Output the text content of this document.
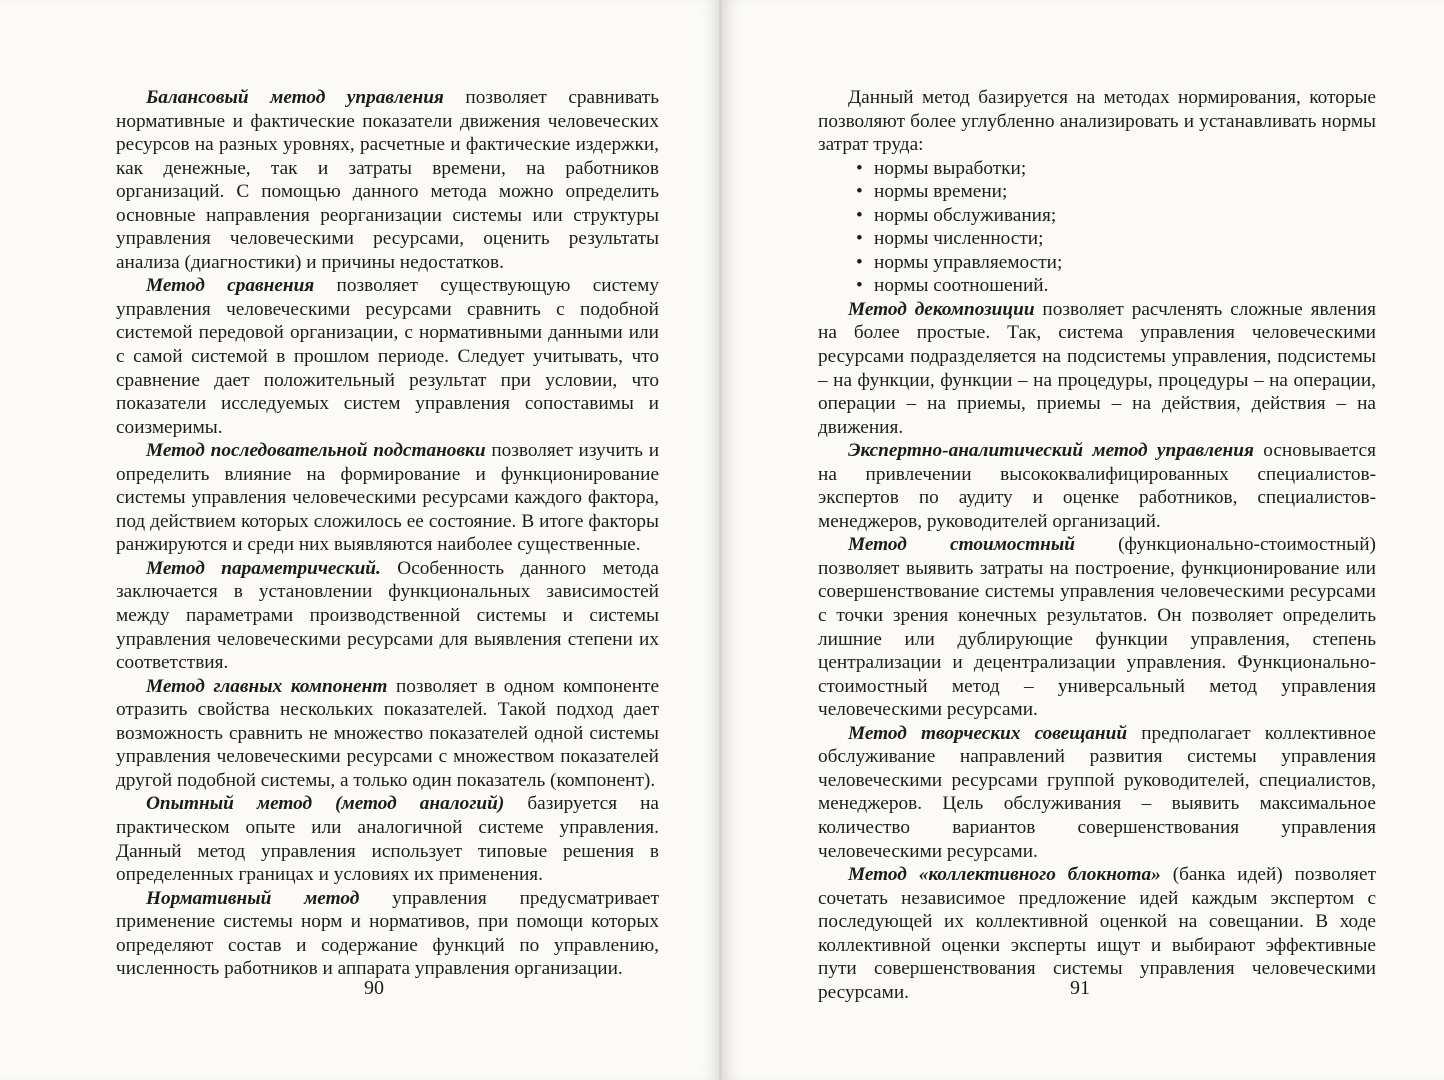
Балансовый метод управления позволяет сравнивать нормативные и фактические показатели движения человеческих ресурсов на разных уровнях, расчетные и фактические издержки, как денежные, так и затраты времени, на работников организаций. С помощью данного метода можно определить основные направления реорганизации системы или структуры управления человеческими ресурсами, оценить результаты анализа (диагностики) и причины недостатков.

Метод сравнения позволяет существующую систему управления человеческими ресурсами сравнить с подобной системой передовой организации, с нормативными данными или с самой системой в прошлом периоде. Следует учитывать, что сравнение дает положительный результат при условии, что показатели исследуемых систем управления сопоставимы и соизмеримы.

Метод последовательной подстановки позволяет изучить и определить влияние на формирование и функционирование системы управления человеческими ресурсами каждого фактора, под действием которых сложилось ее состояние. В итоге факторы ранжируются и среди них выявляются наиболее существенные.

Метод параметрический. Особенность данного метода заключается в установлении функциональных зависимостей между параметрами производственной системы и системы управления человеческими ресурсами для выявления степени их соответствия.

Метод главных компонент позволяет в одном компоненте отразить свойства нескольких показателей. Такой подход дает возможность сравнить не множество показателей одной системы управления человеческими ресурсами с множеством показателей другой подобной системы, а только один показатель (компонент).

Опытный метод (метод аналогий) базируется на практическом опыте или аналогичной системе управления. Данный метод управления использует типовые решения в определенных границах и условиях их применения.

Нормативный метод управления предусматривает применение системы норм и нормативов, при помощи которых определяют состав и содержание функций по управлению, численность работников и аппарата управления организации.

90

Данный метод базируется на методах нормирования, которые позволяют более углубленно анализировать и устанавливать нормы затрат труда:

• нормы выработки;
• нормы времени;
• нормы обслуживания;
• нормы численности;
• нормы управляемости;
• нормы соотношений.

Метод декомпозиции позволяет расчленять сложные явления на более простые. Так, система управления человеческими ресурсами подразделяется на подсистемы управления, подсистемы – на функции, функции – на процедуры, процедуры – на операции, операции – на приемы, приемы – на действия, действия – на движения.

Экспертно-аналитический метод управления основывается на привлечении высококвалифицированных специалистов-экспертов по аудиту и оценке работников, специалистов-менеджеров, руководителей организаций.

Метод стоимостный (функционально-стоимостный) позволяет выявить затраты на построение, функционирование или совершенствование системы управления человеческими ресурсами с точки зрения конечных результатов. Он позволяет определить лишние или дублирующие функции управления, степень централизации и децентрализации управления. Функционально-стоимостный метод – универсальный метод управления человеческими ресурсами.

Метод творческих совещаний предполагает коллективное обслуживание направлений развития системы управления человеческими ресурсами группой руководителей, специалистов, менеджеров. Цель обслуживания – выявить максимальное количество вариантов совершенствования управления человеческими ресурсами.

Метод «коллективного блокнота» (банка идей) позволяет сочетать независимое предложение идей каждым экспертом с последующей их коллективной оценкой на совещании. В ходе коллективной оценки эксперты ищут и выбирают эффективные пути совершенствования системы управления человеческими ресурсами.	91
